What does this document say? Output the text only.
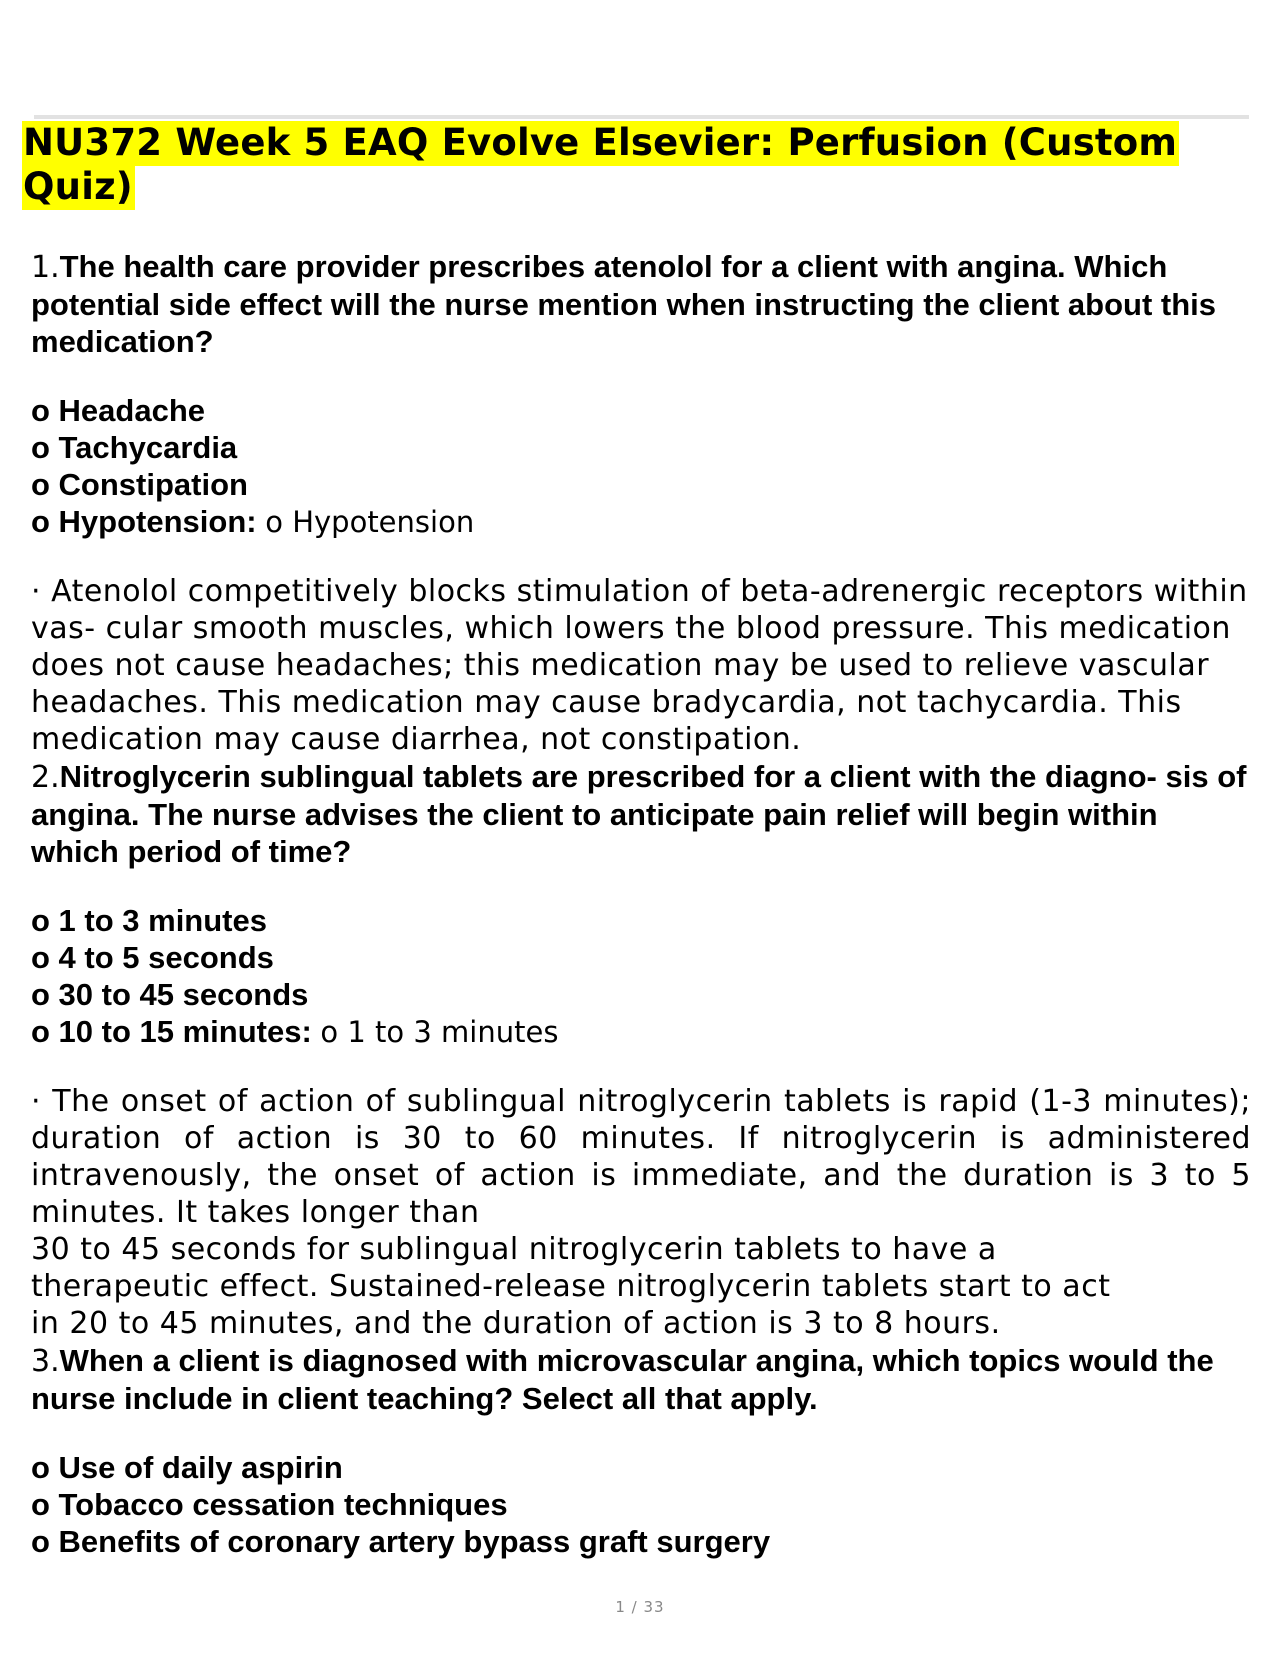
NU372 Week 5 EAQ Evolve Elsevier: Perfusion (Custom Quiz)

1.The health care provider prescribes atenolol for a client with angina. Which potential side effect will the nurse mention when instructing the client about this medication?

o Headache
o Tachycardia
o Constipation
o Hypotension: o Hypotension

· Atenolol competitively blocks stimulation of beta-adrenergic receptors within vas- cular smooth muscles, which lowers the blood pressure. This medication does not cause headaches; this medication may be used to relieve vascular headaches. This medication may cause bradycardia, not tachycardia. This medication may cause diarrhea, not constipation.

2.Nitroglycerin sublingual tablets are prescribed for a client with the diagno- sis of angina. The nurse advises the client to anticipate pain relief will begin within which period of time?

o 1 to 3 minutes
o 4 to 5 seconds
o 30 to 45 seconds
o 10 to 15 minutes: o 1 to 3 minutes

· The onset of action of sublingual nitroglycerin tablets is rapid (1-3 minutes); duration of action is 30 to 60 minutes. If nitroglycerin is administered intravenously, the onset of action is immediate, and the duration is 3 to 5 minutes. It takes longer than

30 to 45 seconds for sublingual nitroglycerin tablets to have a

therapeutic effect. Sustained-release nitroglycerin tablets start to act

in 20 to 45 minutes, and the duration of action is 3 to 8 hours.

3.When a client is diagnosed with microvascular angina, which topics would the nurse include in client teaching? Select all that apply.

o Use of daily aspirin
o Tobacco cessation techniques
o Benefits of coronary artery bypass graft surgery
1 / 33
